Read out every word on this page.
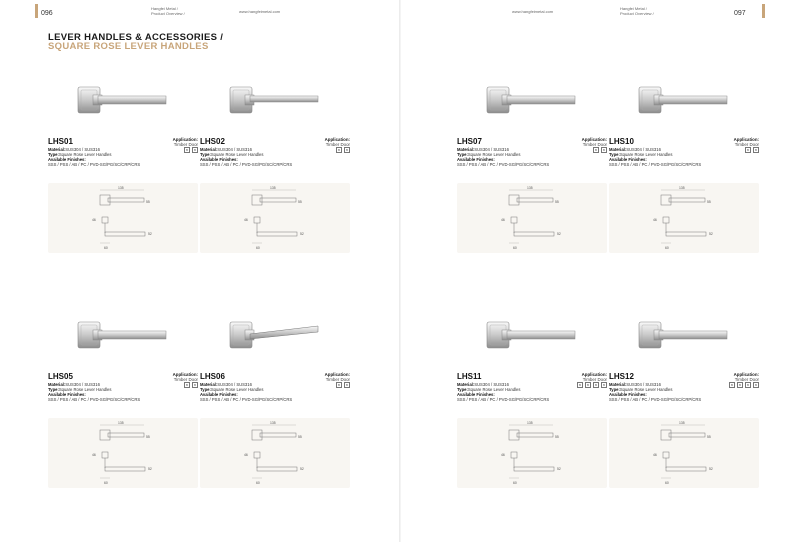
096
Hangfei Metal /
Product Overview /	www.hangfeimetal.com
LEVER HANDLES & ACCESSORIES /
SQUARE ROSE LEVER HANDLES
LHS01	Application:
Timber Door
B	B
Material:SUS304 / SUS316
Type:Square Rose Lever Handles
Available Finishes:
SSS / PSS / AB / PC / PVD-SG/PG/SC/CRP/CRS
135
55
46
52
60
LHS02	Application:
Timber Door
B	B
Material:SUS304 / SUS316
Type:Square Rose Lever Handles
Available Finishes:
SSS / PSS / AB / PC / PVD-SG/PG/SC/CRP/CRS
135
55
46
52
60
LHS05	Application:
Timber Door
B	B
Material:SUS304 / SUS316
Type:Square Rose Lever Handles
Available Finishes:
SSS / PSS / AB / PC / PVD-SG/PG/SC/CRP/CRS
135
55
46
52
60
LHS06	Application:
Timber Door
B	B
Material:SUS304 / SUS316
Type:Square Rose Lever Handles
Available Finishes:
SSS / PSS / AB / PC / PVD-SG/PG/SC/CRP/CRS
135
55
46
52
60
www.hangfeimetal.com
Hangfei Metal /
Product Overview /	097
LHS07	Application:
Timber Door
B	B
Material:SUS304 / SUS316
Type:Square Rose Lever Handles
Available Finishes:
SSS / PSS / AB / PC / PVD-SG/PG/SC/CRP/CRS
135
55
46
52
60
LHS10	Application:
Timber Door
B	B
Material:SUS304 / SUS316
Type:Square Rose Lever Handles
Available Finishes:
SSS / PSS / AB / PC / PVD-SG/PG/SC/CRP/CRS
135
55
46
52
60
LHS11	Application:
Timber Door
B	B	B	B
Material:SUS304 / SUS316
Type:Square Rose Lever Handles
Available Finishes:
SSS / PSS / AB / PC / PVD-SG/PG/SC/CRP/CRS
135
55
46
52
60
LHS12	Application:
Timber Door
B	B	B	B
Material:SUS304 / SUS316
Type:Square Rose Lever Handles
Available Finishes:
SSS / PSS / AB / PC / PVD-SG/PG/SC/CRP/CRS
135
55
46
52
60
